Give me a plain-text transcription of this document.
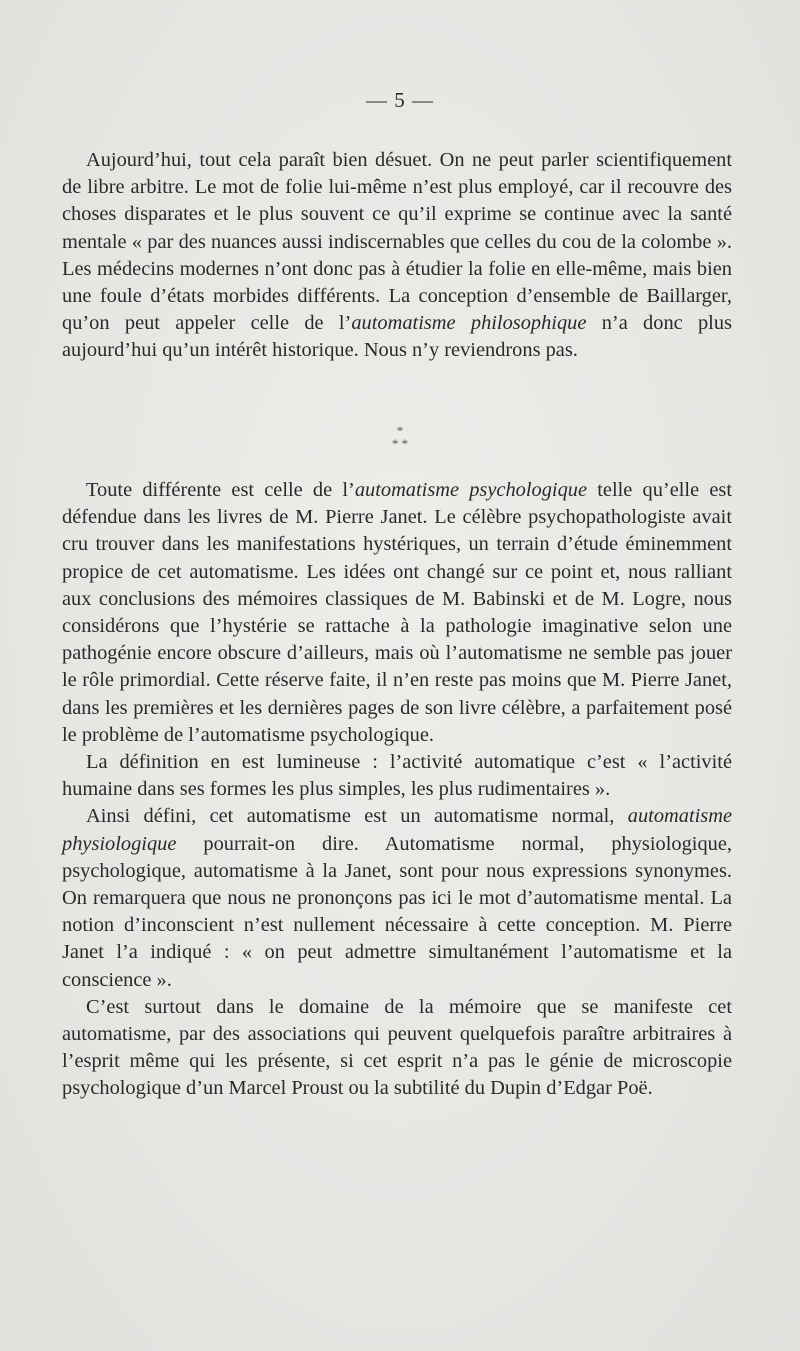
— 5 —

Aujourd’hui, tout cela paraît bien désuet. On ne peut parler scientifiquement de libre arbitre. Le mot de folie lui-même n’est plus employé, car il recouvre des choses disparates et le plus souvent ce qu’il exprime se continue avec la santé mentale « par des nuances aussi indiscernables que celles du cou de la colombe ». Les médecins modernes n’ont donc pas à étudier la folie en elle-même, mais bien une foule d’états morbides différents. La conception d’ensemble de Baillarger, qu’on peut appeler celle de l’automatisme philosophique n’a donc plus aujourd’hui qu’un intérêt historique. Nous n’y reviendrons pas.

*
* *

Toute différente est celle de l’automatisme psychologique telle qu’elle est défendue dans les livres de M. Pierre Janet. Le célèbre psychopathologiste avait cru trouver dans les manifestations hystériques, un terrain d’étude éminemment propice de cet automatisme. Les idées ont changé sur ce point et, nous ralliant aux conclusions des mémoires classiques de M. Babinski et de M. Logre, nous considérons que l’hystérie se rattache à la pathologie imaginative selon une pathogénie encore obscure d’ailleurs, mais où l’automatisme ne semble pas jouer le rôle primordial. Cette réserve faite, il n’en reste pas moins que M. Pierre Janet, dans les premières et les dernières pages de son livre célèbre, a parfaitement posé le problème de l’automatisme psychologique.

La définition en est lumineuse : l’activité automatique c’est « l’activité humaine dans ses formes les plus simples, les plus rudimentaires ».

Ainsi défini, cet automatisme est un automatisme normal, automatisme physiologique pourrait-on dire. Automatisme normal, physiologique, psychologique, automatisme à la Janet, sont pour nous expressions synonymes. On remarquera que nous ne prononçons pas ici le mot d’automatisme mental. La notion d’inconscient n’est nullement nécessaire à cette conception. M. Pierre Janet l’a indiqué : « on peut admettre simultanément l’automatisme et la conscience ».

C’est surtout dans le domaine de la mémoire que se manifeste cet automatisme, par des associations qui peuvent quelquefois paraître arbitraires à l’esprit même qui les présente, si cet esprit n’a pas le génie de microscopie psychologique d’un Marcel Proust ou la subtilité du Dupin d’Edgar Poë.
